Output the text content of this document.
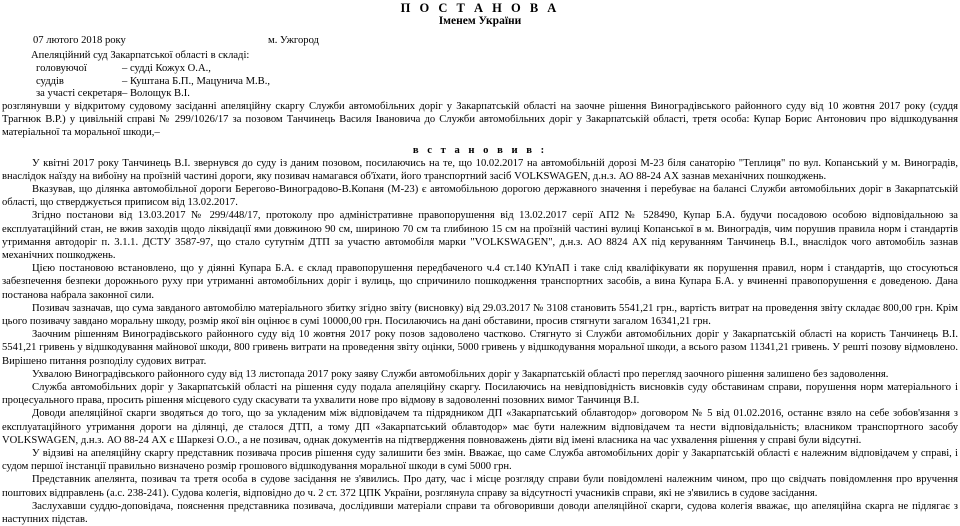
П О С Т А Н О В А
Іменем України
07 лютого 2018 року	м. Ужгород
Апеляційний суд Закарпатської області в складі:
головуючої	– судді Кожух О.А.,
суддів	– Куштана Б.П., Мацунича М.В.,
за участі секретаря – Волощук В.І.
розглянувши у відкритому судовому засіданні апеляційну скаргу Служби автомобільних доріг у Закарпатській області на заочне рішення Виноградівського районного суду від 10 жовтня 2017 року (суддя Трагнюк В.Р.) у цивільній справі № 299/1026/17 за позовом Танчинець Василя Івановича до Служби автомобільних доріг у Закарпатській області, третя особа: Купар Борис Антонович про відшкодування матеріальної та моральної шкоди,–
в с т а н о в и в :

У квітні 2017 року Танчинець В.І. звернувся до суду із даним позовом, посилаючись на те, що 10.02.2017 на автомобільній дорозі М-23 біля санаторію "Теплиця" по вул. Копанський у м. Виноградів, внаслідок наїзду на вибоїну на проїзній частині дороги, яку позивач намагався об'їхати, його транспортний засіб VOLKSWAGEN, д.н.з. АО 88-24 АХ зазнав механічних пошкоджень.

Вказував, що ділянка автомобільної дороги Берегово-Виноградово-В.Копаня (М-23) є автомобільною дорогою державного значення і перебуває на балансі Служби автомобільних доріг в Закарпатській області, що стверджується приписом від 13.02.2017.

Згідно постанови від 13.03.2017 № 299/448/17, протоколу про адміністративне правопорушення від 13.02.2017 серії АП2 № 528490, Купар Б.А. будучи посадовою особою відповідальною за експлуатаційний стан, не вжив заходів щодо ліквідації ями довжиною 90 см, шириною 70 см та глибиною 15 см на проїзній частині вулиці Копанської в м. Виноградів, чим порушив правила норм і стандартів утримання автодоріг п. 3.1.1. ДСТУ 3587-97, що стало сутутнім ДТП за участю автомобіля марки "VOLKSWAGEN", д.н.з. АО 8824 АХ під керуванням Танчинець В.І., внаслідок чого автомобіль зазнав механічних пошкоджень.

Цією постановою встановлено, що у діянні Купара Б.А. є склад правопорушення передбаченого ч.4 ст.140 КУпАП і таке слід кваліфікувати як порушення правил, норм і стандартів, що стосуються забезпечення безпеки дорожнього руху при утриманні автомобільних доріг і вулиць, що спричинило пошкодження транспортних засобів, а вина Купара Б.А. у вчиненні правопорушення є доведеною. Дана постанова набрала законної сили.

Позивач зазначав, що сума завданого автомобілю матеріального збитку згідно звіту (висновку) від 29.03.2017 № 3108 становить 5541,21 грн., вартість витрат на проведення звіту складає 800,00 грн. Крім цього позивачу завдано моральну шкоду, розмір якої він оцінює в сумі 10000,00 грн. Посилаючись на дані обставини, просив стягнути загалом 16341,21 грн.

Заочним рішенням Виноградівського районного суду від 10 жовтня 2017 року позов задоволено частково. Стягнуто зі Служби автомобільних доріг у Закарпатській області на користь Танчинець В.І. 5541,21 гривень у відшкодування майнової шкоди, 800 гривень витрати на проведення звіту оцінки, 5000 гривень у відшкодування моральної шкоди, а всього разом 11341,21 гривень. У решті позову відмовлено. Вирішено питання розподілу судових витрат.

Ухвалою Виноградівського районного суду від 13 листопада 2017 року заяву Служби автомобільних доріг у Закарпатській області про перегляд заочного рішення залишено без задоволення.

Служба автомобільних доріг у Закарпатській області на рішення суду подала апеляційну скаргу. Посилаючись на невідповідність висновків суду обставинам справи, порушення норм матеріального і процесуального права, просить рішення місцевого суду скасувати та ухвалити нове про відмову в задоволенні позовних вимог Танчинця В.І.

Доводи апеляційної скарги зводяться до того, що за укладеним між відповідачем та підрядником ДП «Закарпатський облавтодор» договором № 5 від 01.02.2016, останнє взяло на себе зобов'язання з експлуатаційного утримання дороги на ділянці, де сталося ДТП, а тому ДП «Закарпатський облавтодор» має бути належним відповідачем та нести відповідальність; власником транспортного засобу VOLKSWAGEN, д.н.з. АО 88-24 АХ є Шаркезі О.О., а не позивач, однак документів на підтвердження повноважень діяти від імені власника на час ухвалення рішення у справі були відсутні.

У відзиві на апеляційну скаргу представник позивача просив рішення суду залишити без змін. Вважає, що саме Служба автомобільних доріг у Закарпатській області є належним відповідачем у справі, і судом першої інстанції правильно визначено розмір грошового відшкодування моральної шкоди в сумі 5000 грн.

Представник апелянта, позивач та третя особа в судове засідання не з'явились. Про дату, час і місце розгляду справи були повідомлені належним чином, про що свідчать повідомлення про вручення поштових відправлень (а.с. 238-241). Судова колегія, відповідно до ч. 2 ст. 372 ЦПК України, розглянула справу за відсутності учасників справи, які не з'явились в судове засідання.

Заслухавши суддю-доповідача, пояснення представника позивача, дослідивши матеріали справи та обговоривши доводи апеляційної скарги, судова колегія вважає, що апеляційна скарга не підлягає з наступних підстав.
